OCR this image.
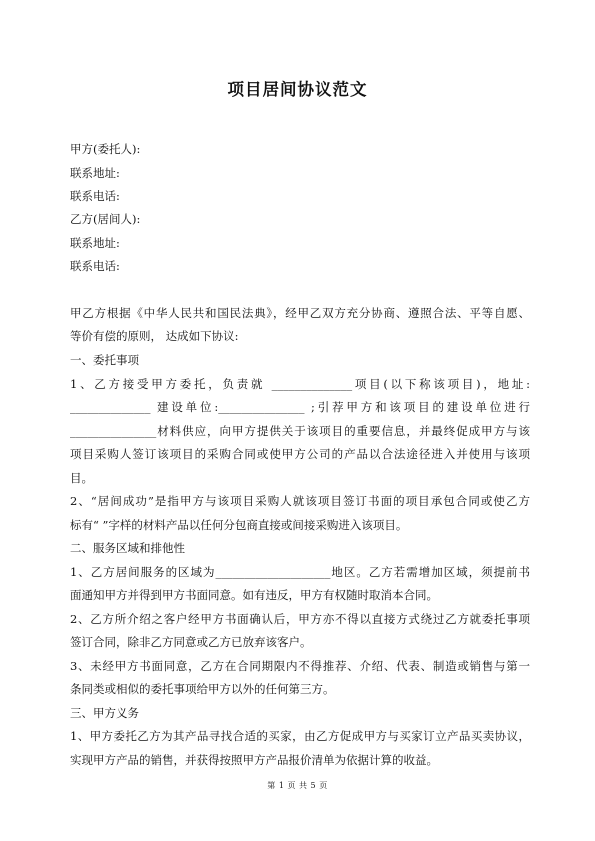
项目居间协议范文
甲方(委托人):
联系地址:
联系电话:
乙方(居间人):
联系地址:
联系电话:
甲乙方根据《中华人民共和国民法典》，经甲乙双方充分协商、遵照合法、平等自愿、
等价有偿的原则， 达成如下协议:
一、委托事项
1、乙方接受甲方委托，负责就 ______________项目(以下称该项目)，地址:
______________ 建设单位:_______________ ;引荐甲方和该项目的建设单位进行
_______________材料供应，向甲方提供关于该项目的重要信息，并最终促成甲方与该
项目采购人签订该项目的采购合同或使甲方公司的产品以合法途径进入并使用与该项
目。
2、“居间成功”是指甲方与该项目采购人就该项目签订书面的项目承包合同或使乙方
标有“ ”字样的材料产品以任何分包商直接或间接采购进入该项目。
二、服务区域和排他性
1、乙方居间服务的区域为____________________地区。乙方若需增加区域，须提前书
面通知甲方并得到甲方书面同意。如有违反，甲方有权随时取消本合同。
2、乙方所介绍之客户经甲方书面确认后，甲方亦不得以直接方式绕过乙方就委托事项
签订合同，除非乙方同意或乙方已放弃该客户。
3、未经甲方书面同意，乙方在合同期限内不得推荐、介绍、代表、制造或销售与第一
条同类或相似的委托事项给甲方以外的任何第三方。
三、甲方义务
1、甲方委托乙方为其产品寻找合适的买家，由乙方促成甲方与买家订立产品买卖协议，
实现甲方产品的销售，并获得按照甲方产品报价清单为依据计算的收益。
第 1 页 共 5 页
